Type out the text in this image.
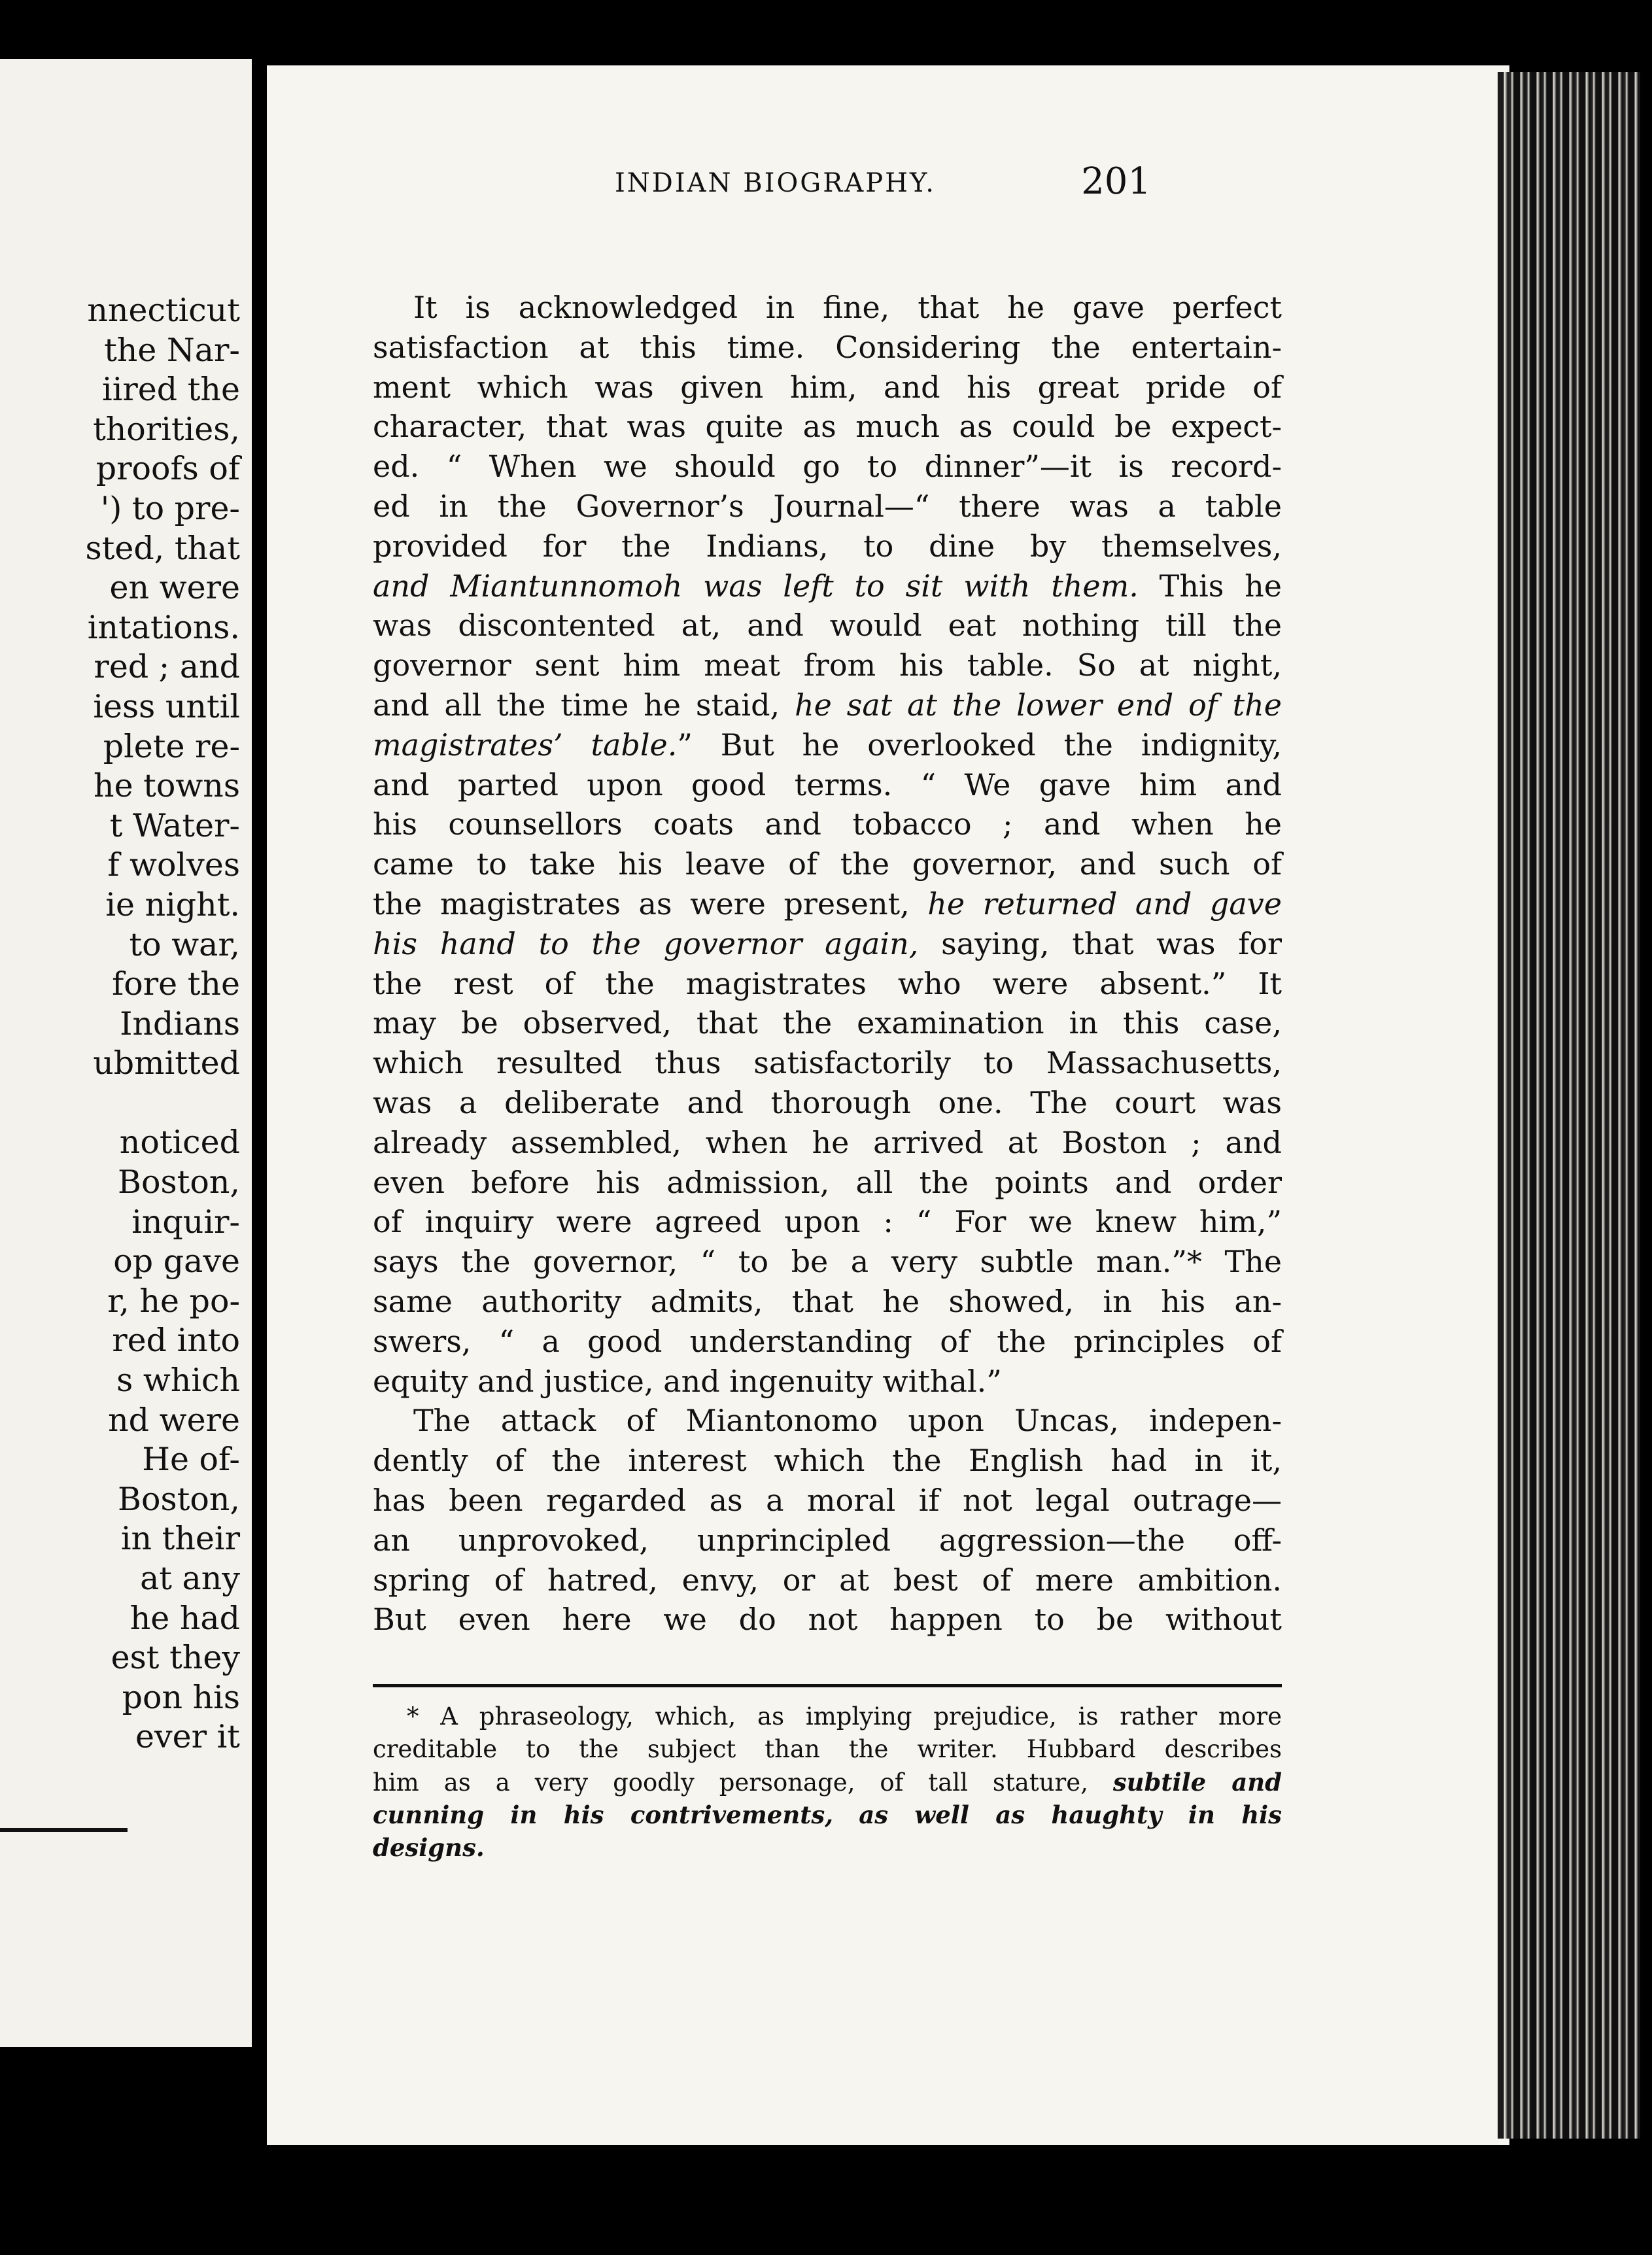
nnecticut
the Nar-
iired the
thorities,
proofs of
') to pre-
sted, that
en were
intations.
red ; and
iess until
plete re-
he towns
t Water-
f wolves
ie night.
to war,
fore the
Indians
ubmitted

noticed
Boston,
inquir-
op gave
r, he po-
red into
s which
nd were
He of-
Boston,
in their
at any
he had
est they
pon his
ever it
INDIAN BIOGRAPHY.	201
It is acknowledged in fine, that he gave perfect
satisfaction at this time. Considering the entertain-
ment which was given him, and his great pride of
character, that was quite as much as could be expect-
ed. “ When we should go to dinner”—it is record-
ed in the Governor’s Journal—“ there was a table
provided for the Indians, to dine by themselves,
and Miantunnomoh was left to sit with them. This he
was discontented at, and would eat nothing till the
governor sent him meat from his table. So at night,
and all the time he staid, he sat at the lower end of the
magistrates’ table.” But he overlooked the indignity,
and parted upon good terms. “ We gave him and
his counsellors coats and tobacco ; and when he
came to take his leave of the governor, and such of
the magistrates as were present, he returned and gave
his hand to the governor again, saying, that was for
the rest of the magistrates who were absent.” It
may be observed, that the examination in this case,
which resulted thus satisfactorily to Massachusetts,
was a deliberate and thorough one. The court was
already assembled, when he arrived at Boston ; and
even before his admission, all the points and order
of inquiry were agreed upon : “ For we knew him,”
says the governor, “ to be a very subtle man.”* The
same authority admits, that he showed, in his an-
swers, “ a good understanding of the principles of
equity and justice, and ingenuity withal.”
The attack of Miantonomo upon Uncas, indepen-
dently of the interest which the English had in it,
has been regarded as a moral if not legal outrage—
an unprovoked, unprincipled aggression—the off-
spring of hatred, envy, or at best of mere ambition.
But even here we do not happen to be without
* A phraseology, which, as implying prejudice, is rather more
creditable to the subject than the writer. Hubbard describes
him as a very goodly personage, of tall stature, subtile and
cunning in his contrivements, as well as haughty in his
designs.
